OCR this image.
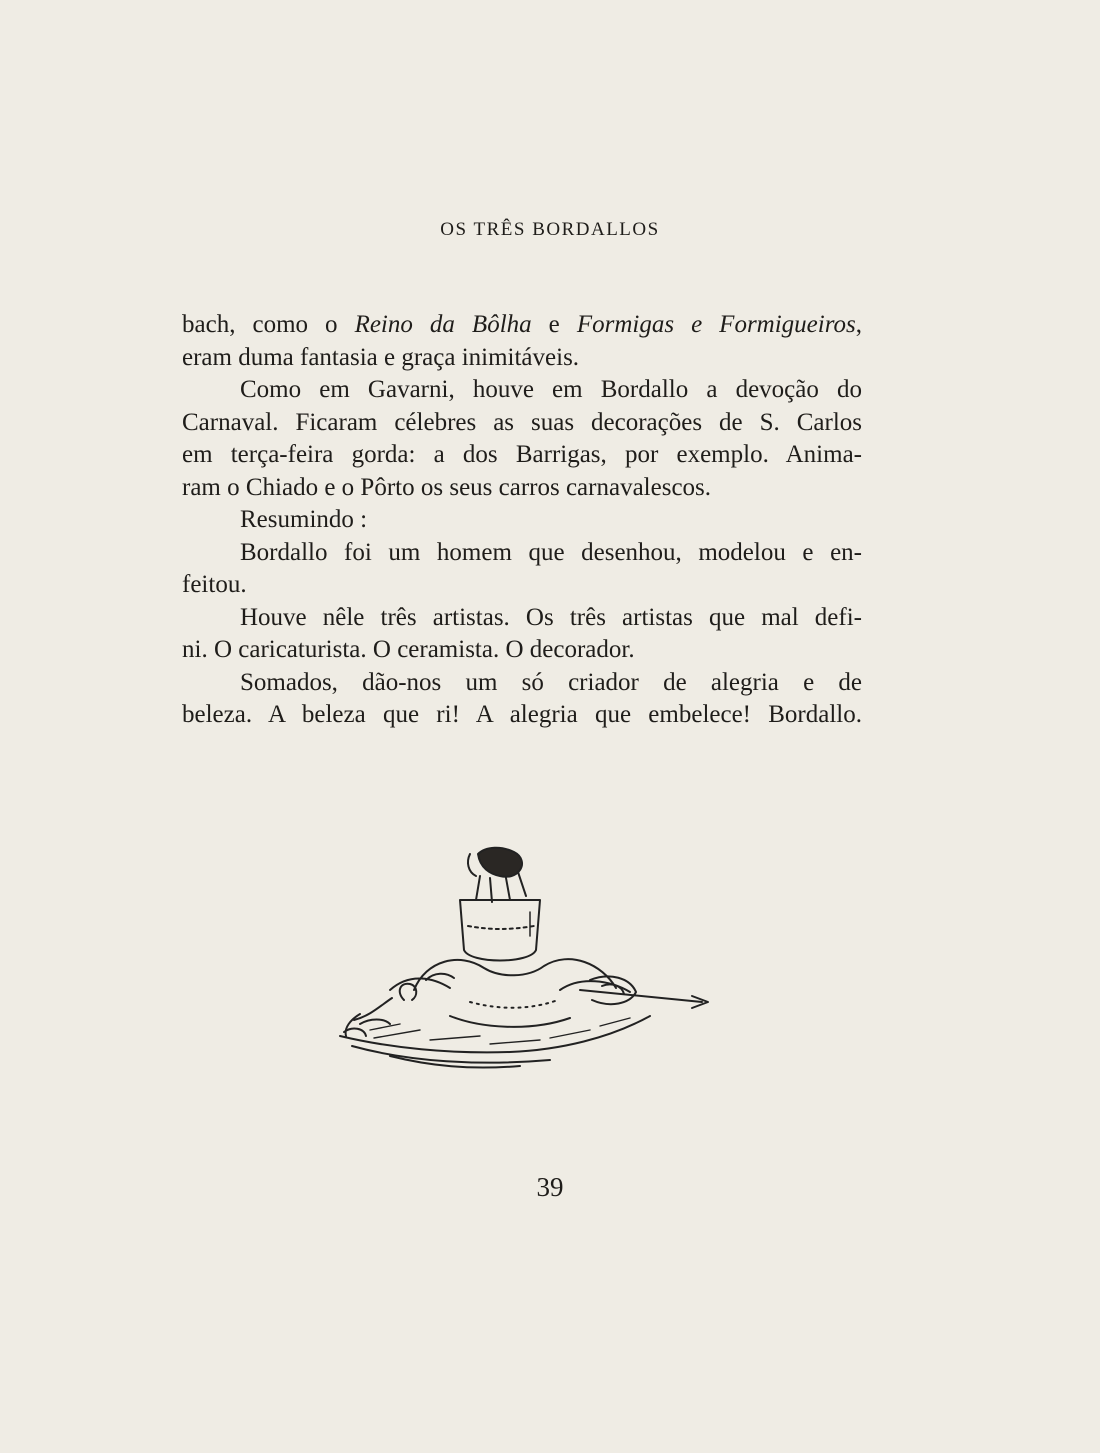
OS TRÊS BORDALLOS
bach, como o Reino da Bôlha e Formigas e Formigueiros,
eram duma fantasia e graça inimitáveis.
Como em Gavarni, houve em Bordallo a devoção do
Carnaval. Ficaram célebres as suas decorações de S. Carlos
em terça-feira gorda: a dos Barrigas, por exemplo. Anima-
ram o Chiado e o Pôrto os seus carros carnavalescos.
Resumindo :
Bordallo foi um homem que desenhou, modelou e en-
feitou.
Houve nêle três artistas. Os três artistas que mal defi-
ni. O caricaturista. O ceramista. O decorador.
Somados, dão-nos um só criador de alegria e de
beleza. A beleza que ri! A alegria que embelece! Bordallo.
39
